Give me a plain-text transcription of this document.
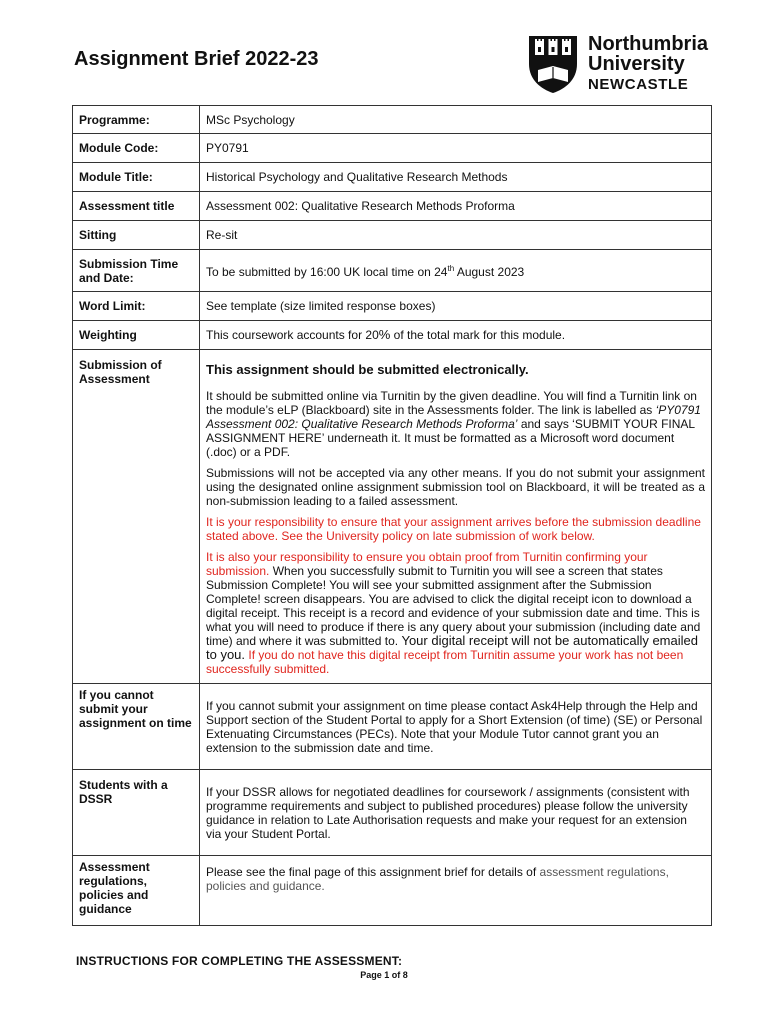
Assignment Brief 2022-23
Northumbria
University
NEWCASTLE
Programme:	MSc Psychology
Module Code:	PY0791
Module Title:	Historical Psychology and Qualitative Research Methods
Assessment title	Assessment 002: Qualitative Research Methods Proforma
Sitting	Re-sit
Submission Time and Date:	To be submitted by 16:00 UK local time on 24th August 2023
Word Limit:	See template (size limited response boxes)
Weighting	This coursework accounts for 20% of the total mark for this module.
Submission of Assessment	This assignment should be submitted electronically.

It should be submitted online via Turnitin by the given deadline. You will find a Turnitin link on the module’s eLP (Blackboard) site in the Assessments folder. The link is labelled as ‘PY0791 Assessment 002: Qualitative Research Methods Proforma’ and says ‘SUBMIT YOUR FINAL ASSIGNMENT HERE’ underneath it. It must be formatted as a Microsoft word document (.doc) or a PDF.

Submissions will not be accepted via any other means. If you do not submit your assignment using the designated online assignment submission tool on Blackboard, it will be treated as a non-submission leading to a failed assessment.

It is your responsibility to ensure that your assignment arrives before the submission deadline stated above. See the University policy on late submission of work below.

It is also your responsibility to ensure you obtain proof from Turnitin confirming your submission. When you successfully submit to Turnitin you will see a screen that states Submission Complete! You will see your submitted assignment after the Submission Complete! screen disappears. You are advised to click the digital receipt icon to download a digital receipt. This receipt is a record and evidence of your submission date and time. This is what you will need to produce if there is any query about your submission (including date and time) and where it was submitted to. Your digital receipt will not be automatically emailed to you. If you do not have this digital receipt from Turnitin assume your work has not been successfully submitted.

If you cannot submit your assignment on time	If you cannot submit your assignment on time please contact Ask4Help through the Help and Support section of the Student Portal to apply for a Short Extension (of time) (SE) or Personal Extenuating Circumstances (PECs). Note that your Module Tutor cannot grant you an extension to the submission date and time.
Students with a DSSR	If your DSSR allows for negotiated deadlines for coursework / assignments (consistent with programme requirements and subject to published procedures) please follow the university guidance in relation to Late Authorisation requests and make your request for an extension via your Student Portal.
Assessment regulations, policies and guidance	Please see the final page of this assignment brief for details of assessment regulations, policies and guidance.
INSTRUCTIONS FOR COMPLETING THE ASSESSMENT:
Page 1 of 8
